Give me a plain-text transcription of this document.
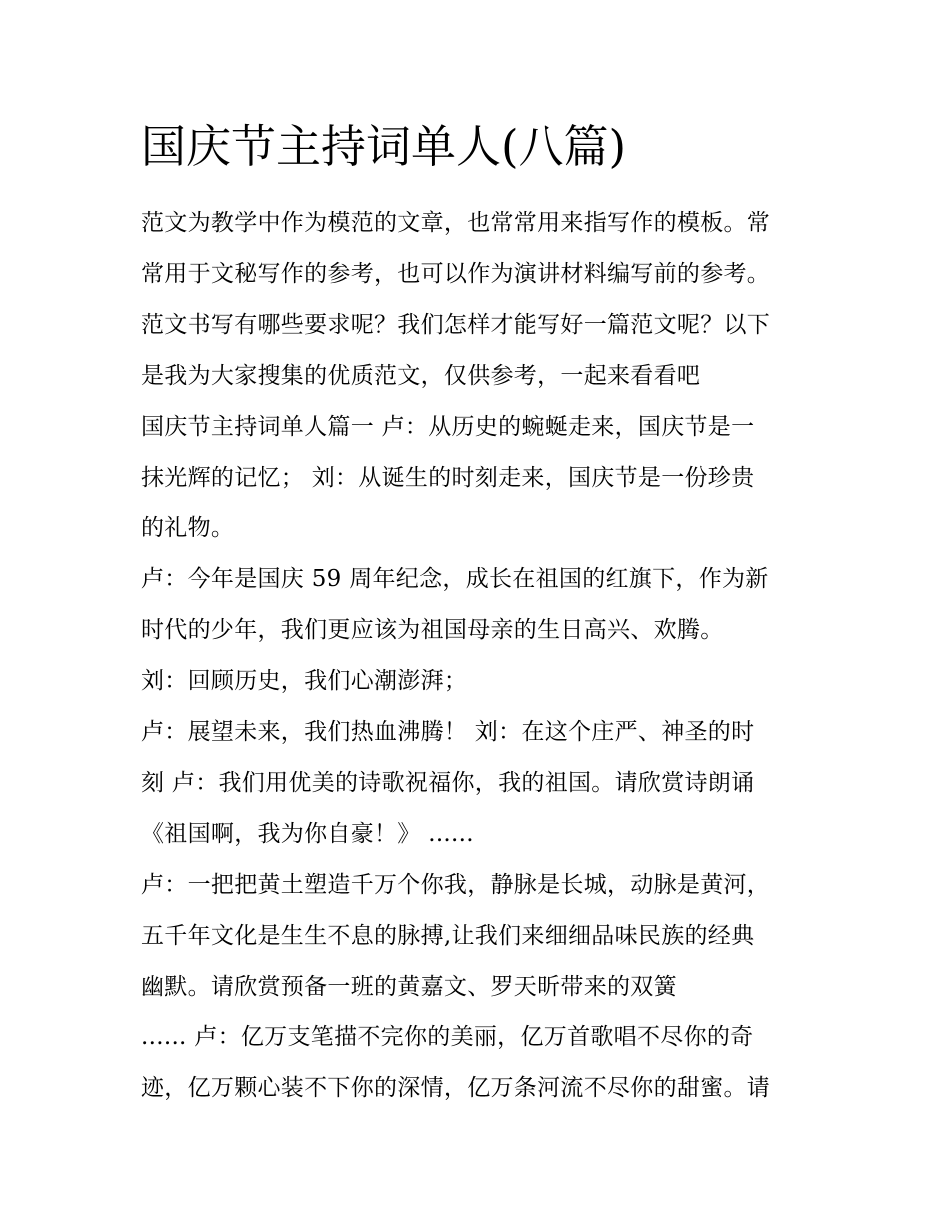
国庆节主持词单人(八篇)

范文为教学中作为模范的文章，也常常用来指写作的模板。常

常用于文秘写作的参考，也可以作为演讲材料编写前的参考。

范文书写有哪些要求呢？我们怎样才能写好一篇范文呢？以下

是我为大家搜集的优质范文，仅供参考，一起来看看吧

国庆节主持词单人篇一 卢：从历史的蜿蜒走来，国庆节是一

抹光辉的记忆； 刘：从诞生的时刻走来，国庆节是一份珍贵

的礼物。

卢：今年是国庆 59 周年纪念，成长在祖国的红旗下，作为新

时代的少年，我们更应该为祖国母亲的生日高兴、欢腾。

刘：回顾历史，我们心潮澎湃；

卢：展望未来，我们热血沸腾！ 刘：在这个庄严、神圣的时

刻 卢：我们用优美的诗歌祝福你，我的祖国。请欣赏诗朗诵

《祖国啊，我为你自豪！》 ......

卢：一把把黄土塑造千万个你我，静脉是长城，动脉是黄河，

五千年文化是生生不息的脉搏,让我们来细细品味民族的经典

幽默。请欣赏预备一班的黄嘉文、罗天昕带来的双簧

...... 卢：亿万支笔描不完你的美丽，亿万首歌唱不尽你的奇

迹，亿万颗心装不下你的深情，亿万条河流不尽你的甜蜜。请
